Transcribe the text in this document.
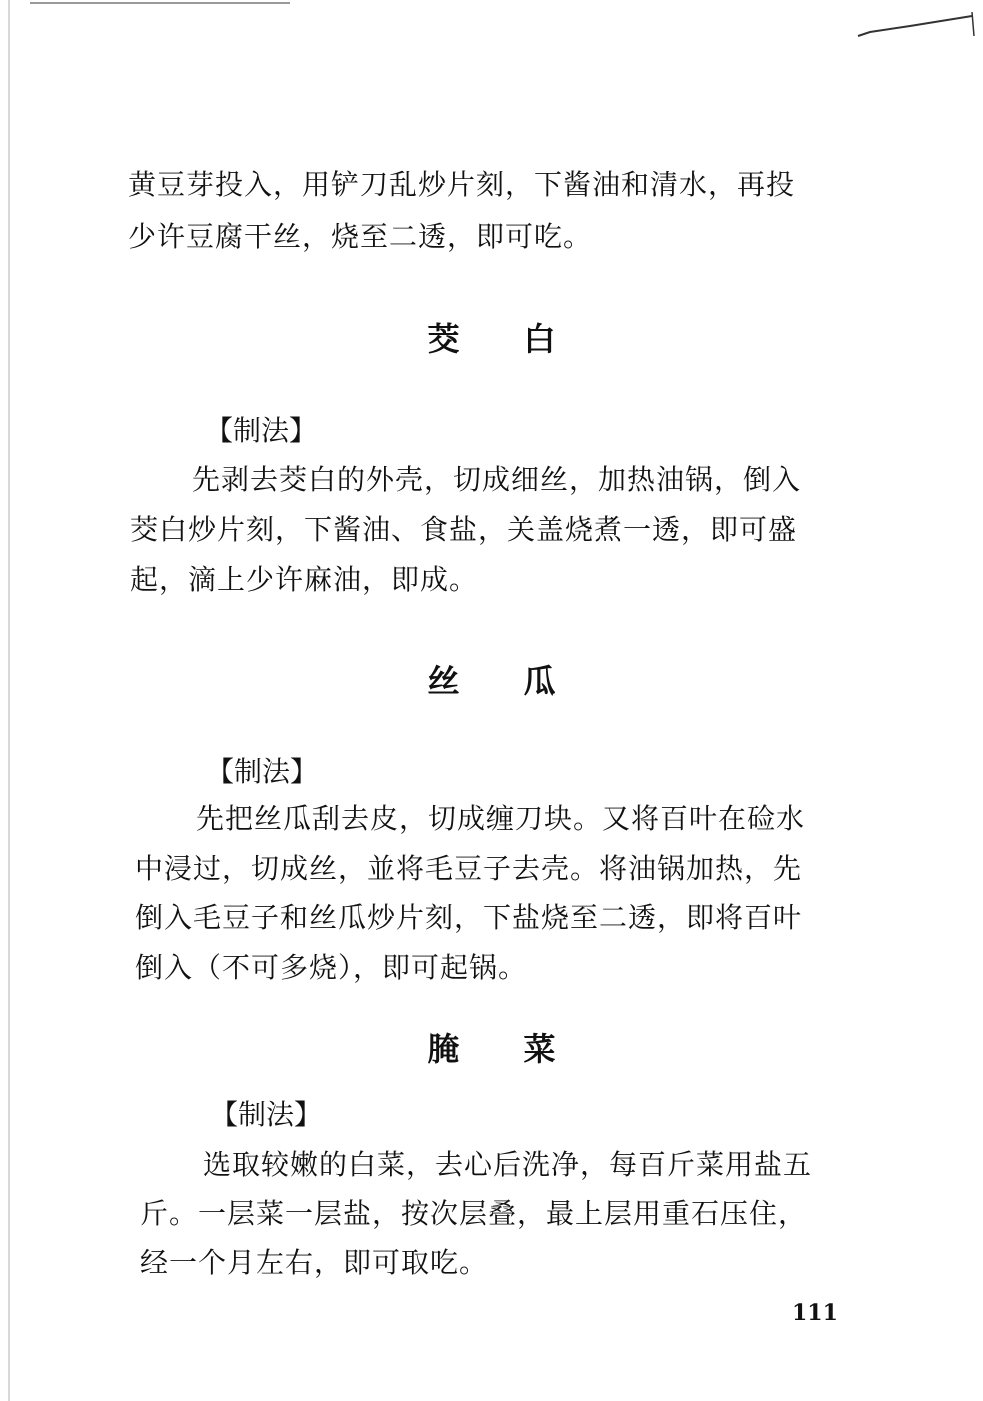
黄豆芽投入，用铲刀乱炒片刻，下酱油和清水，再投
少许豆腐干丝，烧至二透，即可吃。
茭白
【制法】
先剥去茭白的外壳，切成细丝，加热油锅，倒入
茭白炒片刻，下酱油、食盐，关盖烧煮一透，即可盛
起，滴上少许麻油，即成。
丝瓜
【制法】
先把丝瓜刮去皮，切成缠刀块。又将百叶在硷水
中浸过，切成丝，並将毛豆子去壳。将油锅加热，先
倒入毛豆子和丝瓜炒片刻，下盐烧至二透，即将百叶
倒入（不可多烧），即可起锅。
腌菜
【制法】
选取较嫩的白菜，去心后洗净，每百斤菜用盐五
斤。一层菜一层盐，按次层叠，最上层用重石压住，
经一个月左右，即可取吃。
111
